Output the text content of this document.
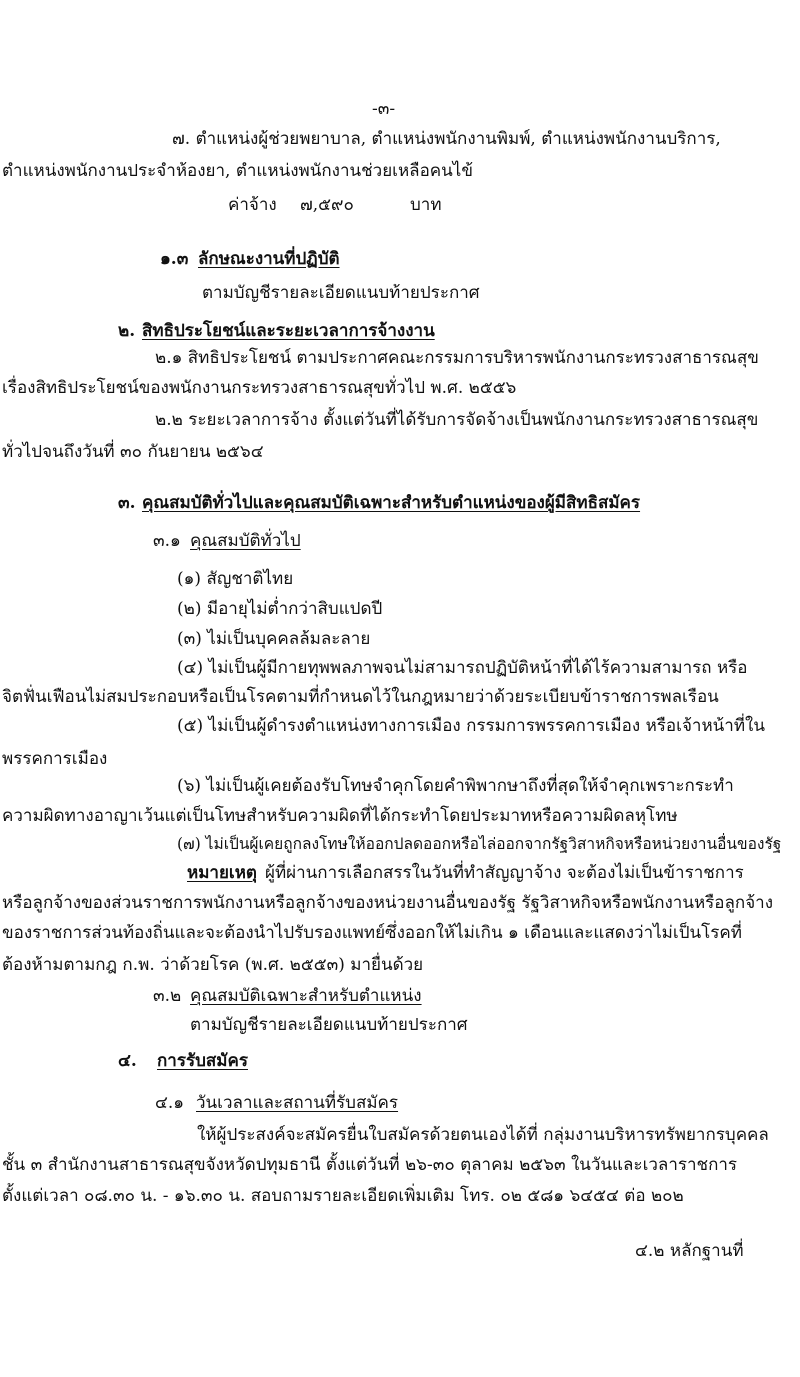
-๓-
๗. ตำแหน่งผู้ช่วยพยาบาล, ตำแหน่งพนักงานพิมพ์, ตำแหน่งพนักงานบริการ,
ตำแหน่งพนักงานประจำห้องยา, ตำแหน่งพนักงานช่วยเหลือคนไข้
ค่าจ้าง ๗,๕๙๐	บาท
๑.๓ ลักษณะงานที่ปฏิบัติ
ตามบัญชีรายละเอียดแนบท้ายประกาศ
๒. สิทธิประโยชน์และระยะเวลาการจ้างงาน
๒.๑ สิทธิประโยชน์ ตามประกาศคณะกรรมการบริหารพนักงานกระทรวงสาธารณสุข
เรื่องสิทธิประโยชน์ของพนักงานกระทรวงสาธารณสุขทั่วไป พ.ศ. ๒๕๕๖
๒.๒ ระยะเวลาการจ้าง ตั้งแต่วันที่ได้รับการจัดจ้างเป็นพนักงานกระทรวงสาธารณสุข
ทั่วไปจนถึงวันที่ ๓๐ กันยายน ๒๕๖๔
๓. คุณสมบัติทั่วไปและคุณสมบัติเฉพาะสำหรับตำแหน่งของผู้มีสิทธิสมัคร
๓.๑ คุณสมบัติทั่วไป
(๑) สัญชาติไทย
(๒) มีอายุไม่ต่ำกว่าสิบแปดปี
(๓) ไม่เป็นบุคคลล้มละลาย
(๔) ไม่เป็นผู้มีกายทุพพลภาพจนไม่สามารถปฏิบัติหน้าที่ได้ไร้ความสามารถ หรือ
จิตฟั่นเฟือนไม่สมประกอบหรือเป็นโรคตามที่กำหนดไว้ในกฎหมายว่าด้วยระเบียบข้าราชการพลเรือน
(๕) ไม่เป็นผู้ดำรงตำแหน่งทางการเมือง กรรมการพรรคการเมือง หรือเจ้าหน้าที่ใน
พรรคการเมือง
(๖) ไม่เป็นผู้เคยต้องรับโทษจำคุกโดยคำพิพากษาถึงที่สุดให้จำคุกเพราะกระทำ
ความผิดทางอาญาเว้นแต่เป็นโทษสำหรับความผิดที่ได้กระทำโดยประมาทหรือความผิดลหุโทษ
(๗) ไม่เป็นผู้เคยถูกลงโทษให้ออกปลดออกหรือไล่ออกจากรัฐวิสาหกิจหรือหน่วยงานอื่นของรัฐ
หมายเหตุ ผู้ที่ผ่านการเลือกสรรในวันที่ทำสัญญาจ้าง จะต้องไม่เป็นข้าราชการ
หรือลูกจ้างของส่วนราชการพนักงานหรือลูกจ้างของหน่วยงานอื่นของรัฐ รัฐวิสาหกิจหรือพนักงานหรือลูกจ้าง
ของราชการส่วนท้องถิ่นและจะต้องนำไปรับรองแพทย์ซึ่งออกให้ไม่เกิน ๑ เดือนและแสดงว่าไม่เป็นโรคที่
ต้องห้ามตามกฎ ก.พ. ว่าด้วยโรค (พ.ศ. ๒๕๕๓) มายื่นด้วย
๓.๒ คุณสมบัติเฉพาะสำหรับตำแหน่ง
ตามบัญชีรายละเอียดแนบท้ายประกาศ
๔. การรับสมัคร
๔.๑ วันเวลาและสถานที่รับสมัคร
ให้ผู้ประสงค์จะสมัครยื่นใบสมัครด้วยตนเองได้ที่ กลุ่มงานบริหารทรัพยากรบุคคล
ชั้น ๓ สำนักงานสาธารณสุขจังหวัดปทุมธานี ตั้งแต่วันที่ ๒๖-๓๐ ตุลาคม ๒๕๖๓ ในวันและเวลาราชการ
ตั้งแต่เวลา ๐๘.๓๐ น. - ๑๖.๓๐ น. สอบถามรายละเอียดเพิ่มเติม โทร. ๐๒ ๕๘๑ ๖๔๕๔ ต่อ ๒๐๒
๔.๒ หลักฐานที่
